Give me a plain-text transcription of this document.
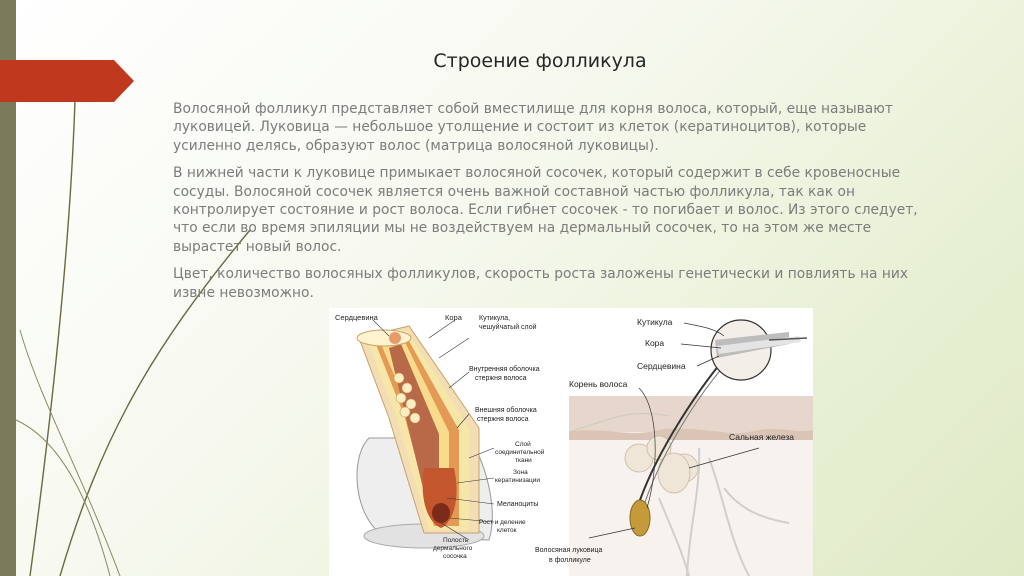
Строение фолликула

Волосяной фолликул представляет собой вместилище для корня волоса, который, еще называют луковицей. Луковица — небольшое утолщение и состоит из клеток (кератиноцитов), которые усиленно делясь, образуют волос (матрица волосяной луковицы).

В нижней части к луковице примыкает волосяной сосочек, который содержит в себе кровеносные сосуды. Волосяной сосочек является очень важной составной частью фолликула, так как он контролирует состояние и рост волоса. Если гибнет сосочек - то погибает и волос. Из этого следует, что если во время эпиляции мы не воздействуем на дермальный сосочек, то на этом же месте вырастет новый волос.

Цвет, количество волосяных фолликулов, скорость роста заложены генетически и повлиять на них извне невозможно.

Сердцевина	Кора Кутикула,
чешуйчатый слой
Внутренняя оболочка
стержня волоса
Внешняя оболочка
стержня волоса
Слой
соединительной
ткани
Зона
кератинизации
Меланоциты
Рост и деление
клеток
Полость
дермального
сосочка
Кутикула
Кора
Сердцевина
Корень волоса
Сальная железа
Волосяная луковица
в фолликуле
